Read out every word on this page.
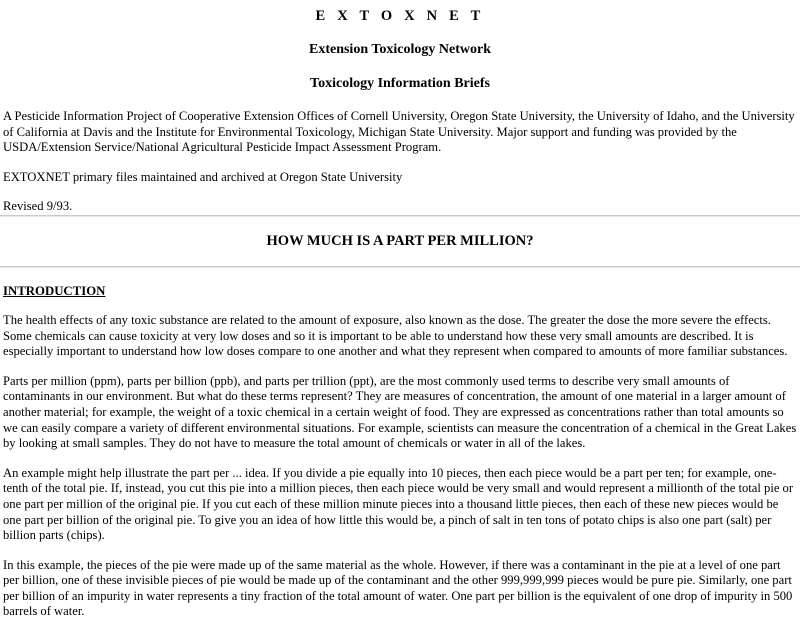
E X T O X N E T
Extension Toxicology Network
Toxicology Information Briefs

A Pesticide Information Project of Cooperative Extension Offices of Cornell University, Oregon State University, the University of Idaho, and the University of California at Davis and the Institute for Environmental Toxicology, Michigan State University. Major support and funding was provided by the USDA/Extension Service/National Agricultural Pesticide Impact Assessment Program.

EXTOXNET primary files maintained and archived at Oregon State University

Revised 9/93.

HOW MUCH IS A PART PER MILLION?
INTRODUCTION

The health effects of any toxic substance are related to the amount of exposure, also known as the dose. The greater the dose the more severe the effects. Some chemicals can cause toxicity at very low doses and so it is important to be able to understand how these very small amounts are described. It is especially important to understand how low doses compare to one another and what they represent when compared to amounts of more familiar substances.

Parts per million (ppm), parts per billion (ppb), and parts per trillion (ppt), are the most commonly used terms to describe very small amounts of contaminants in our environment. But what do these terms represent? They are measures of concentration, the amount of one material in a larger amount of another material; for example, the weight of a toxic chemical in a certain weight of food. They are expressed as concentrations rather than total amounts so we can easily compare a variety of different environmental situations. For example, scientists can measure the concentration of a chemical in the Great Lakes by looking at small samples. They do not have to measure the total amount of chemicals or water in all of the lakes.

An example might help illustrate the part per ... idea. If you divide a pie equally into 10 pieces, then each piece would be a part per ten; for example, one-tenth of the total pie. If, instead, you cut this pie into a million pieces, then each piece would be very small and would represent a millionth of the total pie or one part per million of the original pie. If you cut each of these million minute pieces into a thousand little pieces, then each of these new pieces would be one part per billion of the original pie. To give you an idea of how little this would be, a pinch of salt in ten tons of potato chips is also one part (salt) per billion parts (chips).

In this example, the pieces of the pie were made up of the same material as the whole. However, if there was a contaminant in the pie at a level of one part per billion, one of these invisible pieces of pie would be made up of the contaminant and the other 999,999,999 pieces would be pure pie. Similarly, one part per billion of an impurity in water represents a tiny fraction of the total amount of water. One part per billion is the equivalent of one drop of impurity in 500 barrels of water.
